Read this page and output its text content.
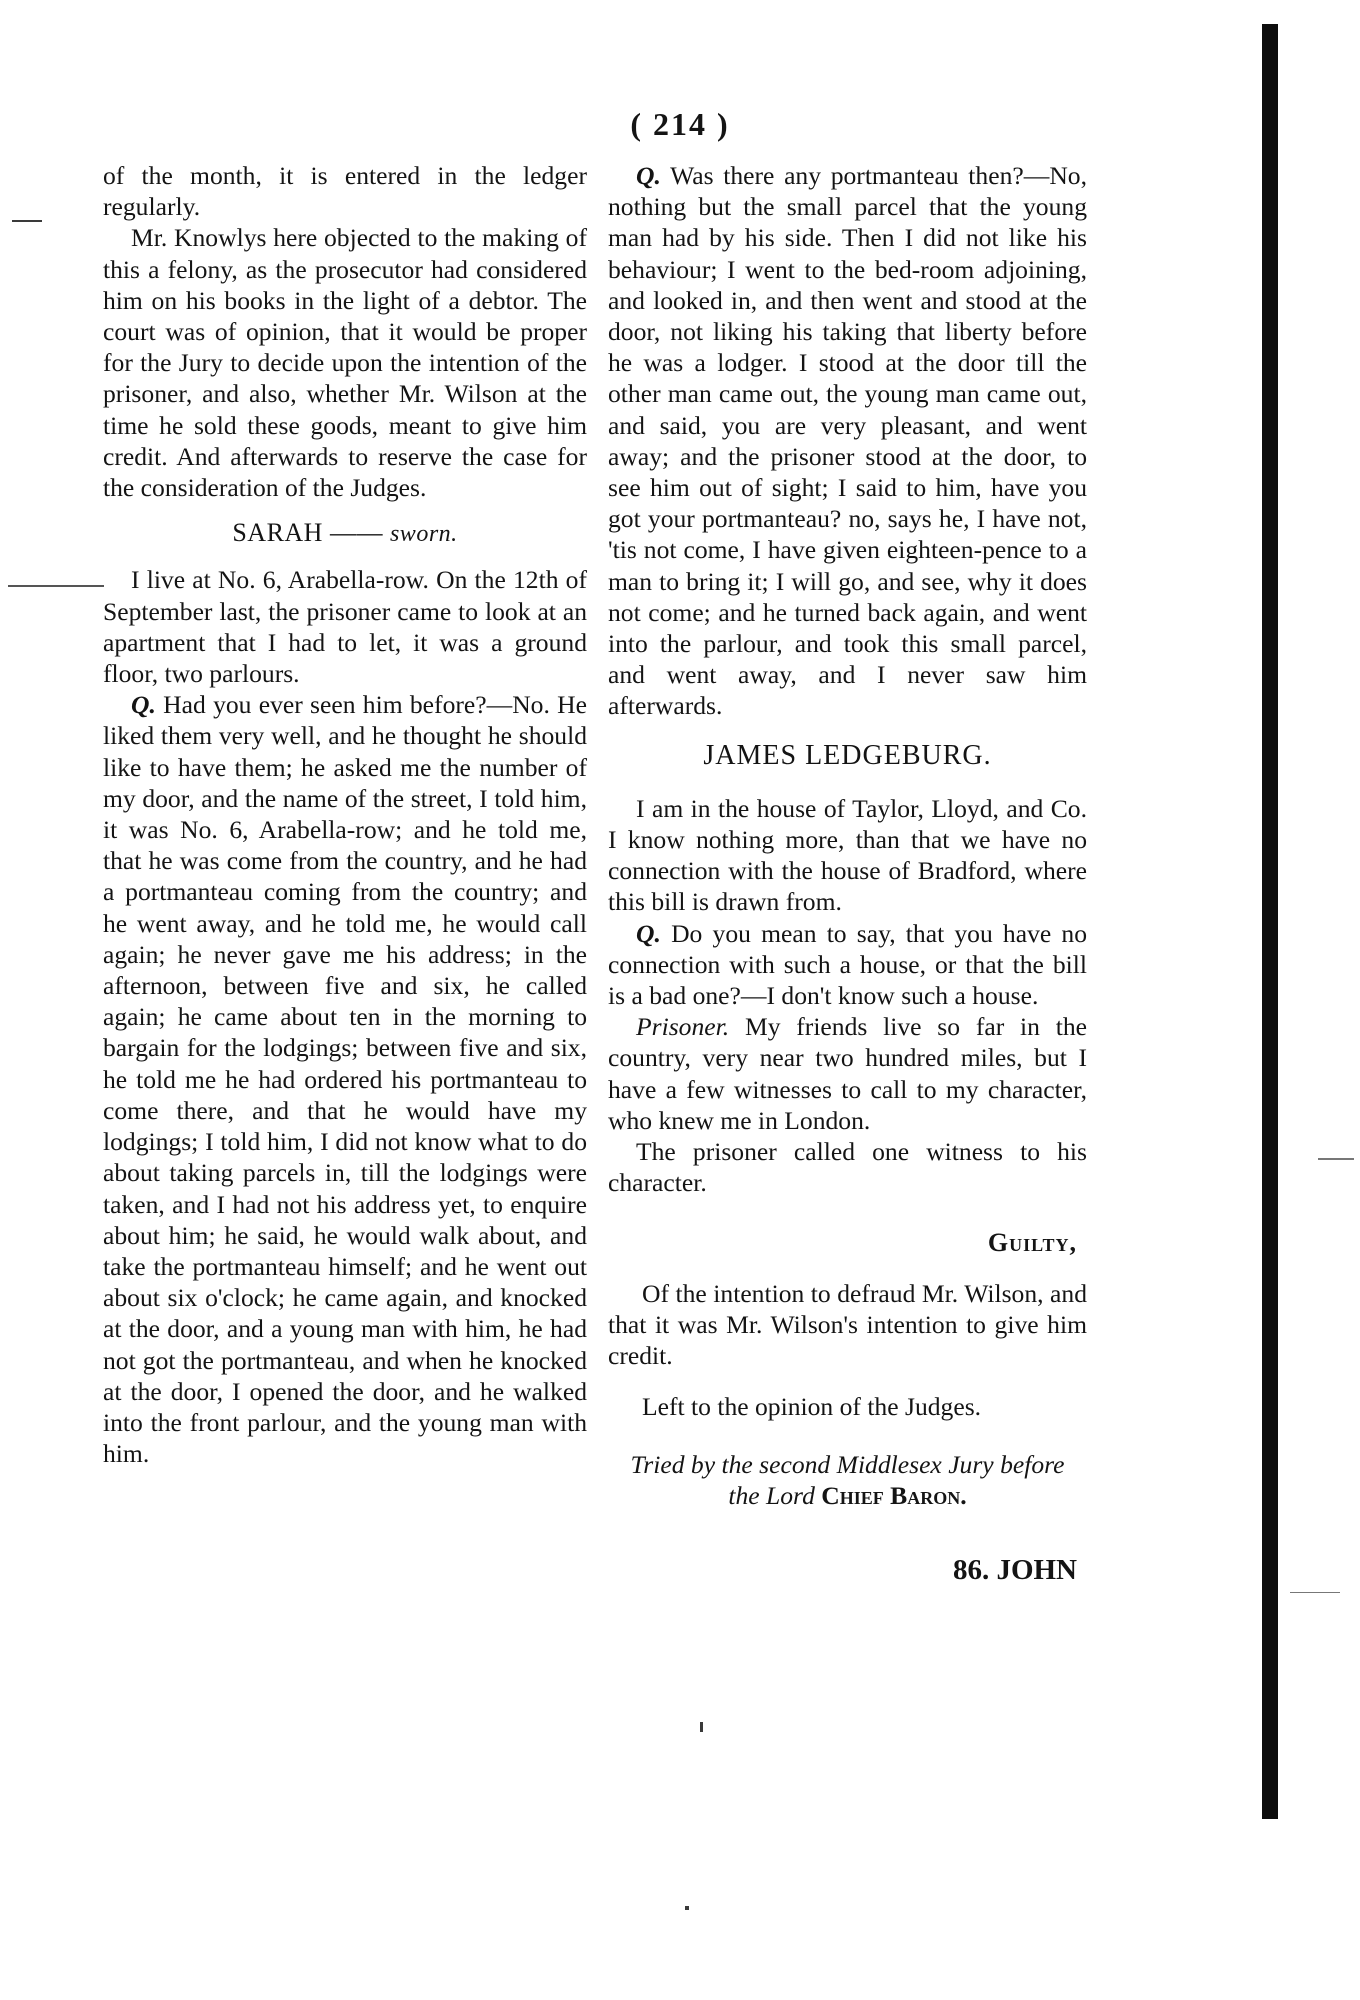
( 214 )

of the month, it is entered in the ledger regularly.

Mr. Knowlys here objected to the making of this a felony, as the prosecutor had considered him on his books in the light of a debtor. The court was of opinion, that it would be proper for the Jury to decide upon the intention of the prisoner, and also, whether Mr. Wilson at the time he sold these goods, meant to give him credit. And afterwards to reserve the case for the consideration of the Judges.

SARAH —— sworn.

I live at No. 6, Arabella-row. On the 12th of September last, the prisoner came to look at an apartment that I had to let, it was a ground floor, two parlours.

Q. Had you ever seen him before?—No. He liked them very well, and he thought he should like to have them; he asked me the number of my door, and the name of the street, I told him, it was No. 6, Arabella-row; and he told me, that he was come from the country, and he had a portmanteau coming from the country; and he went away, and he told me, he would call again; he never gave me his address; in the afternoon, between five and six, he called again; he came about ten in the morning to bargain for the lodgings; between five and six, he told me he had ordered his portmanteau to come there, and that he would have my lodgings; I told him, I did not know what to do about taking parcels in, till the lodgings were taken, and I had not his address yet, to enquire about him; he said, he would walk about, and take the portmanteau himself; and he went out about six o'clock; he came again, and knocked at the door, and a young man with him, he had not got the portmanteau, and when he knocked at the door, I opened the door, and he walked into the front parlour, and the young man with him.

Q. Was there any portmanteau then?—No, nothing but the small parcel that the young man had by his side. Then I did not like his behaviour; I went to the bed-room adjoining, and looked in, and then went and stood at the door, not liking his taking that liberty before he was a lodger. I stood at the door till the other man came out, the young man came out, and said, you are very pleasant, and went away; and the prisoner stood at the door, to see him out of sight; I said to him, have you got your portmanteau? no, says he, I have not, 'tis not come, I have given eighteen-pence to a man to bring it; I will go, and see, why it does not come; and he turned back again, and went into the parlour, and took this small parcel, and went away, and I never saw him afterwards.

JAMES LEDGEBURG.

I am in the house of Taylor, Lloyd, and Co. I know nothing more, than that we have no connection with the house of Bradford, where this bill is drawn from.

Q. Do you mean to say, that you have no connection with such a house, or that the bill is a bad one?—I don't know such a house.

Prisoner. My friends live so far in the country, very near two hundred miles, but I have a few witnesses to call to my character, who knew me in London.

The prisoner called one witness to his character.

Guilty,

Of the intention to defraud Mr. Wilson, and that it was Mr. Wilson's intention to give him credit.

Left to the opinion of the Judges.

Tried by the second Middlesex Jury before

the Lord Chief Baron.

86. JOHN
